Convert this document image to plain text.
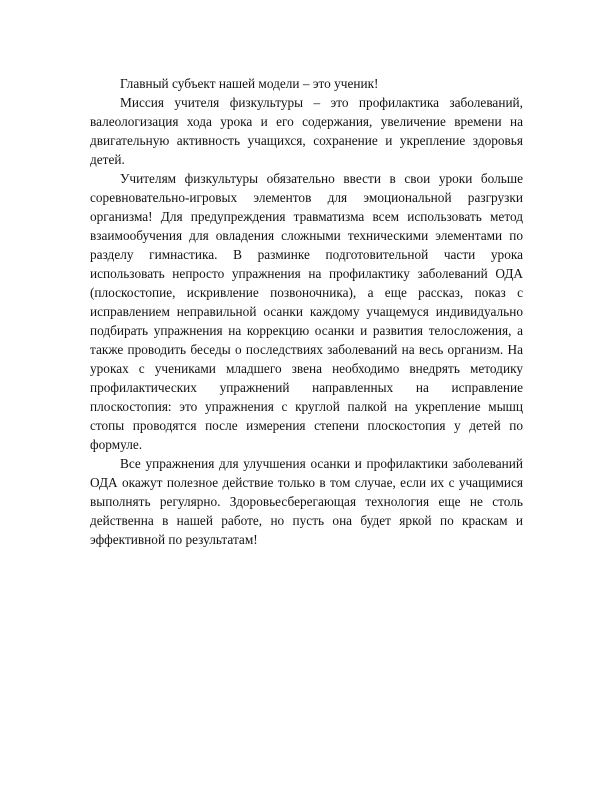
Главный субъект нашей модели – это ученик!

Миссия учителя физкультуры – это профилактика заболеваний, валеологизация хода урока и его содержания, увеличение времени на двигательную активность учащихся, сохранение и укрепление здоровья детей.

Учителям физкультуры обязательно ввести в свои уроки больше соревновательно-игровых элементов для эмоциональной разгрузки организма! Для предупреждения травматизма всем использовать метод взаимообучения для овладения сложными техническими элементами по разделу гимнастика. В разминке подготовительной части урока использовать непросто упражнения на профилактику заболеваний ОДА (плоскостопие, искривление позвоночника), а еще рассказ, показ с исправлением неправильной осанки каждому учащемуся индивидуально подбирать упражнения на коррекцию осанки и развития телосложения, а также проводить беседы о последствиях заболеваний на весь организм. На уроках с учениками младшего звена необходимо внедрять методику профилактических упражнений направленных на исправление плоскостопия: это упражнения с круглой палкой на укрепление мышц стопы проводятся после измерения степени плоскостопия у детей по формуле.

Все упражнения для улучшения осанки и профилактики заболеваний ОДА окажут полезное действие только в том случае, если их с учащимися выполнять регулярно. Здоровьесберегающая технология еще не столь действенна в нашей работе, но пусть она будет яркой по краскам и эффективной по результатам!
